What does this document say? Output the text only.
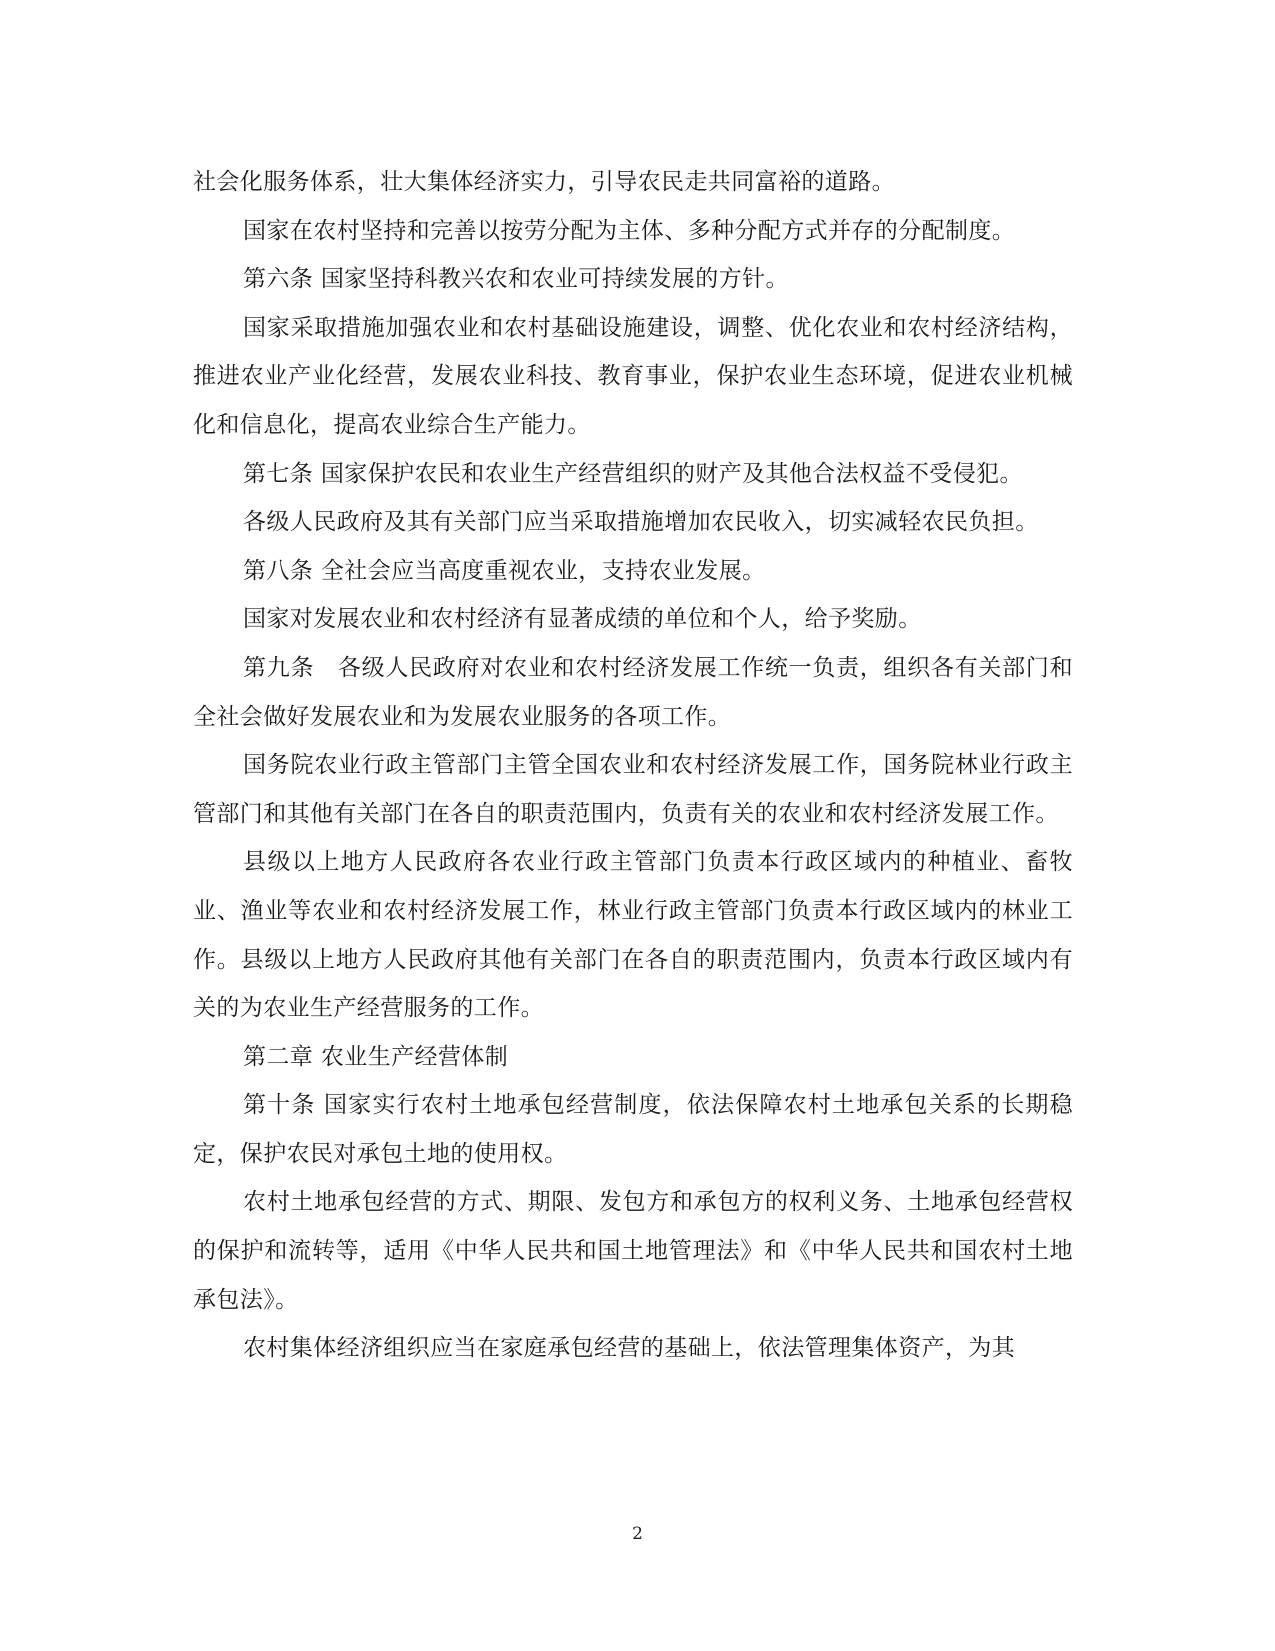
社会化服务体系，壮大集体经济实力，引导农民走共同富裕的道路。

国家在农村坚持和完善以按劳分配为主体、多种分配方式并存的分配制度。

第六条 国家坚持科教兴农和农业可持续发展的方针。

国家采取措施加强农业和农村基础设施建设，调整、优化农业和农村经济结构，推进农业产业化经营，发展农业科技、教育事业，保护农业生态环境，促进农业机械化和信息化，提高农业综合生产能力。

第七条 国家保护农民和农业生产经营组织的财产及其他合法权益不受侵犯。

各级人民政府及其有关部门应当采取措施增加农民收入，切实减轻农民负担。

第八条 全社会应当高度重视农业，支持农业发展。

国家对发展农业和农村经济有显著成绩的单位和个人，给予奖励。

第九条　各级人民政府对农业和农村经济发展工作统一负责，组织各有关部门和全社会做好发展农业和为发展农业服务的各项工作。

国务院农业行政主管部门主管全国农业和农村经济发展工作，国务院林业行政主管部门和其他有关部门在各自的职责范围内，负责有关的农业和农村经济发展工作。

县级以上地方人民政府各农业行政主管部门负责本行政区域内的种植业、畜牧业、渔业等农业和农村经济发展工作，林业行政主管部门负责本行政区域内的林业工作。县级以上地方人民政府其他有关部门在各自的职责范围内，负责本行政区域内有关的为农业生产经营服务的工作。

第二章 农业生产经营体制

第十条 国家实行农村土地承包经营制度，依法保障农村土地承包关系的长期稳定，保护农民对承包土地的使用权。

农村土地承包经营的方式、期限、发包方和承包方的权利义务、土地承包经营权的保护和流转等，适用《中华人民共和国土地管理法》和《中华人民共和国农村土地承包法》。

农村集体经济组织应当在家庭承包经营的基础上，依法管理集体资产，为其

2
